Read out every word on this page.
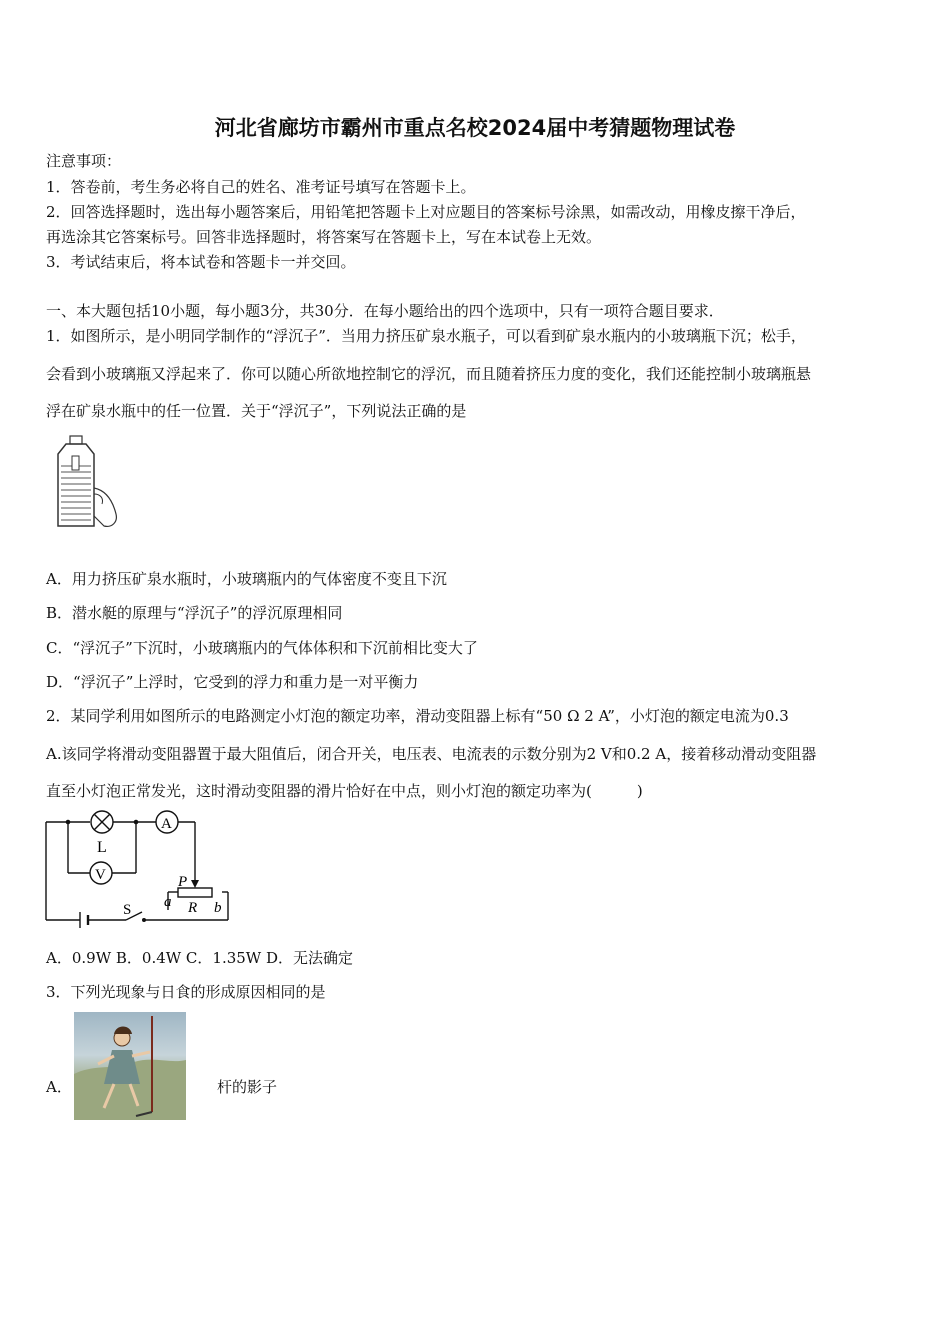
河北省廊坊市霸州市重点名校2024届中考猜题物理试卷
注意事项：
1．答卷前，考生务必将自己的姓名、准考证号填写在答题卡上。
2．回答选择题时，选出每小题答案后，用铅笔把答题卡上对应题目的答案标号涂黑，如需改动，用橡皮擦干净后，
再选涂其它答案标号。回答非选择题时，将答案写在答题卡上，写在本试卷上无效。
3．考试结束后，将本试卷和答题卡一并交回。
一、本大题包括10小题，每小题3分，共30分．在每小题给出的四个选项中，只有一项符合题目要求．
1．如图所示，是小明同学制作的“浮沉子”．当用力挤压矿泉水瓶子，可以看到矿泉水瓶内的小玻璃瓶下沉；松手，
会看到小玻璃瓶又浮起来了．你可以随心所欲地控制它的浮沉，而且随着挤压力度的变化，我们还能控制小玻璃瓶悬
浮在矿泉水瓶中的任一位置．关于“浮沉子”，下列说法正确的是
A．用力挤压矿泉水瓶时，小玻璃瓶内的气体密度不变且下沉
B．潜水艇的原理与“浮沉子”的浮沉原理相同
C．“浮沉子”下沉时，小玻璃瓶内的气体体积和下沉前相比变大了
D．“浮沉子”上浮时，它受到的浮力和重力是一对平衡力
2．某同学利用如图所示的电路测定小灯泡的额定功率，滑动变阻器上标有“50 Ω 2 A”，小灯泡的额定电流为0.3
A.该同学将滑动变阻器置于最大阻值后，闭合开关，电压表、电流表的示数分别为2 V和0.2 A，接着移动滑动变阻器
直至小灯泡正常发光，这时滑动变阻器的滑片恰好在中点，则小灯泡的额定功率为(　　　)
L
A
V
S
P
a R b
A．0.9W B．0.4W C．1.35W D．无法确定
3．下列光现象与日食的形成原因相同的是
A．	杆的影子
